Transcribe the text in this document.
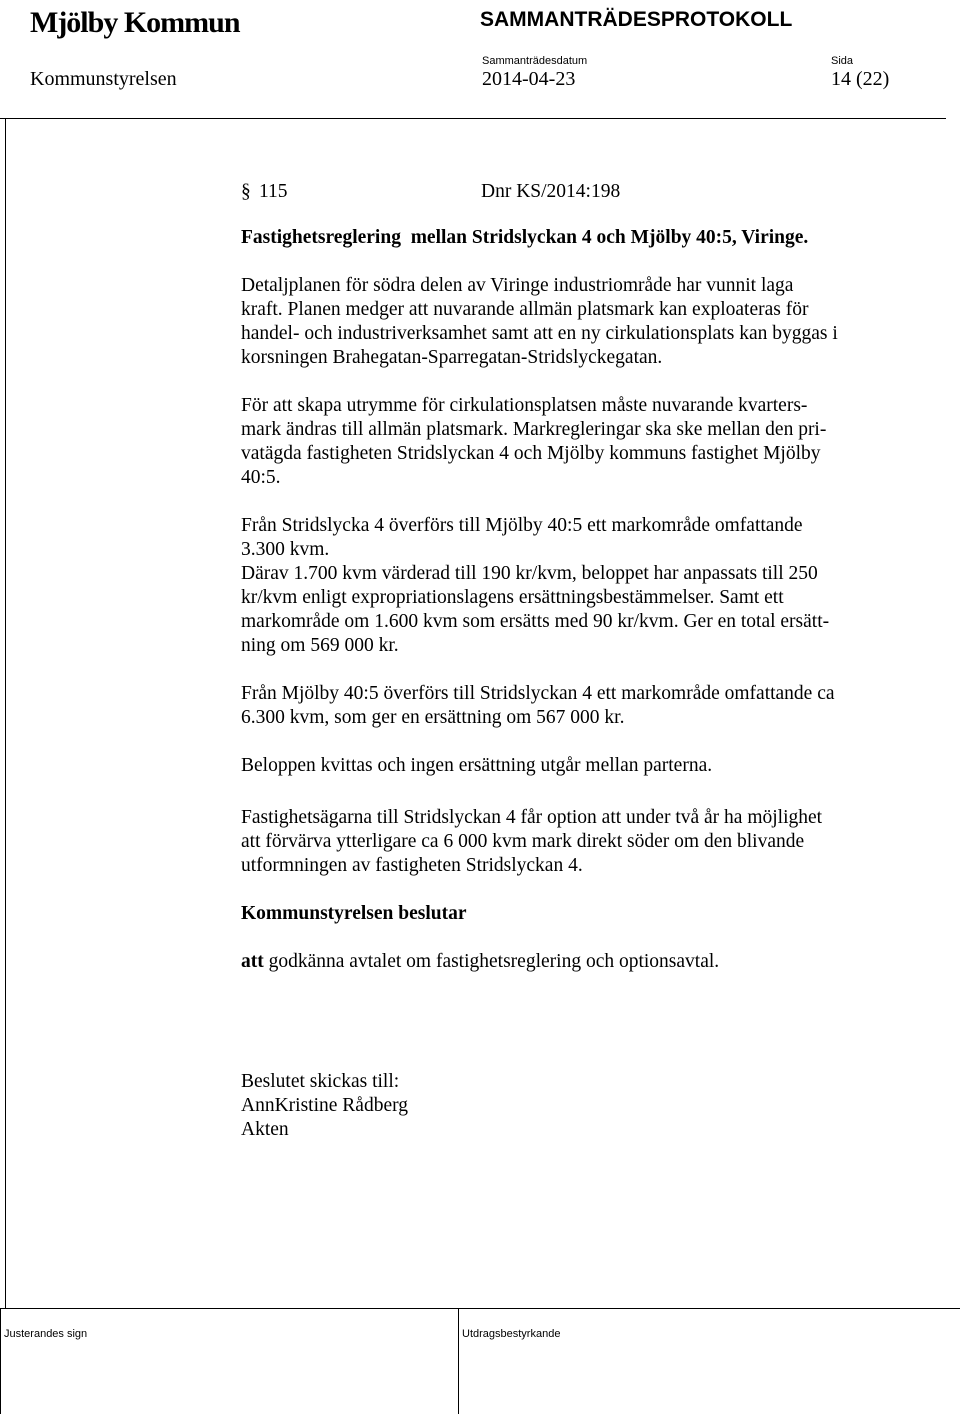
Mjölby Kommun	SAMMANTRÄDESPROTOKOLL
Sammanträdesdatum	Sida
Kommunstyrelsen	2014-04-23	14 (22)
§ 115	Dnr KS/2014:198

Fastighetsreglering  mellan Stridslyckan 4 och Mjölby 40:5, Viringe.

Detaljplanen för södra delen av Viringe industriområde har vunnit laga
kraft. Planen medger att nuvarande allmän platsmark kan exploateras för
handel- och industriverksamhet samt att en ny cirkulationsplats kan byggas i
korsningen Brahegatan-Sparregatan-Stridslyckegatan.
För att skapa utrymme för cirkulationsplatsen måste nuvarande kvarters-
mark ändras till allmän platsmark. Markregleringar ska ske mellan den pri-
vatägda fastigheten Stridslyckan 4 och Mjölby kommuns fastighet Mjölby
40:5.
Från Stridslycka 4 överförs till Mjölby 40:5 ett markområde omfattande
3.300 kvm.
Därav 1.700 kvm värderad till 190 kr/kvm, beloppet har anpassats till 250
kr/kvm enligt expropriationslagens ersättningsbestämmelser. Samt ett
markområde om 1.600 kvm som ersätts med 90 kr/kvm. Ger en total ersätt-
ning om 569 000 kr.
Från Mjölby 40:5 överförs till Stridslyckan 4 ett markområde omfattande ca
6.300 kvm, som ger en ersättning om 567 000 kr.
Beloppen kvittas och ingen ersättning utgår mellan parterna.
Fastighetsägarna till Stridslyckan 4 får option att under två år ha möjlighet
att förvärva ytterligare ca 6 000 kvm mark direkt söder om den blivande
utformningen av fastigheten Stridslyckan 4.
Kommunstyrelsen beslutar
att godkänna avtalet om fastighetsreglering och optionsavtal.
Beslutet skickas till:
AnnKristine Rådberg
Akten
Justerandes sign	Utdragsbestyrkande
